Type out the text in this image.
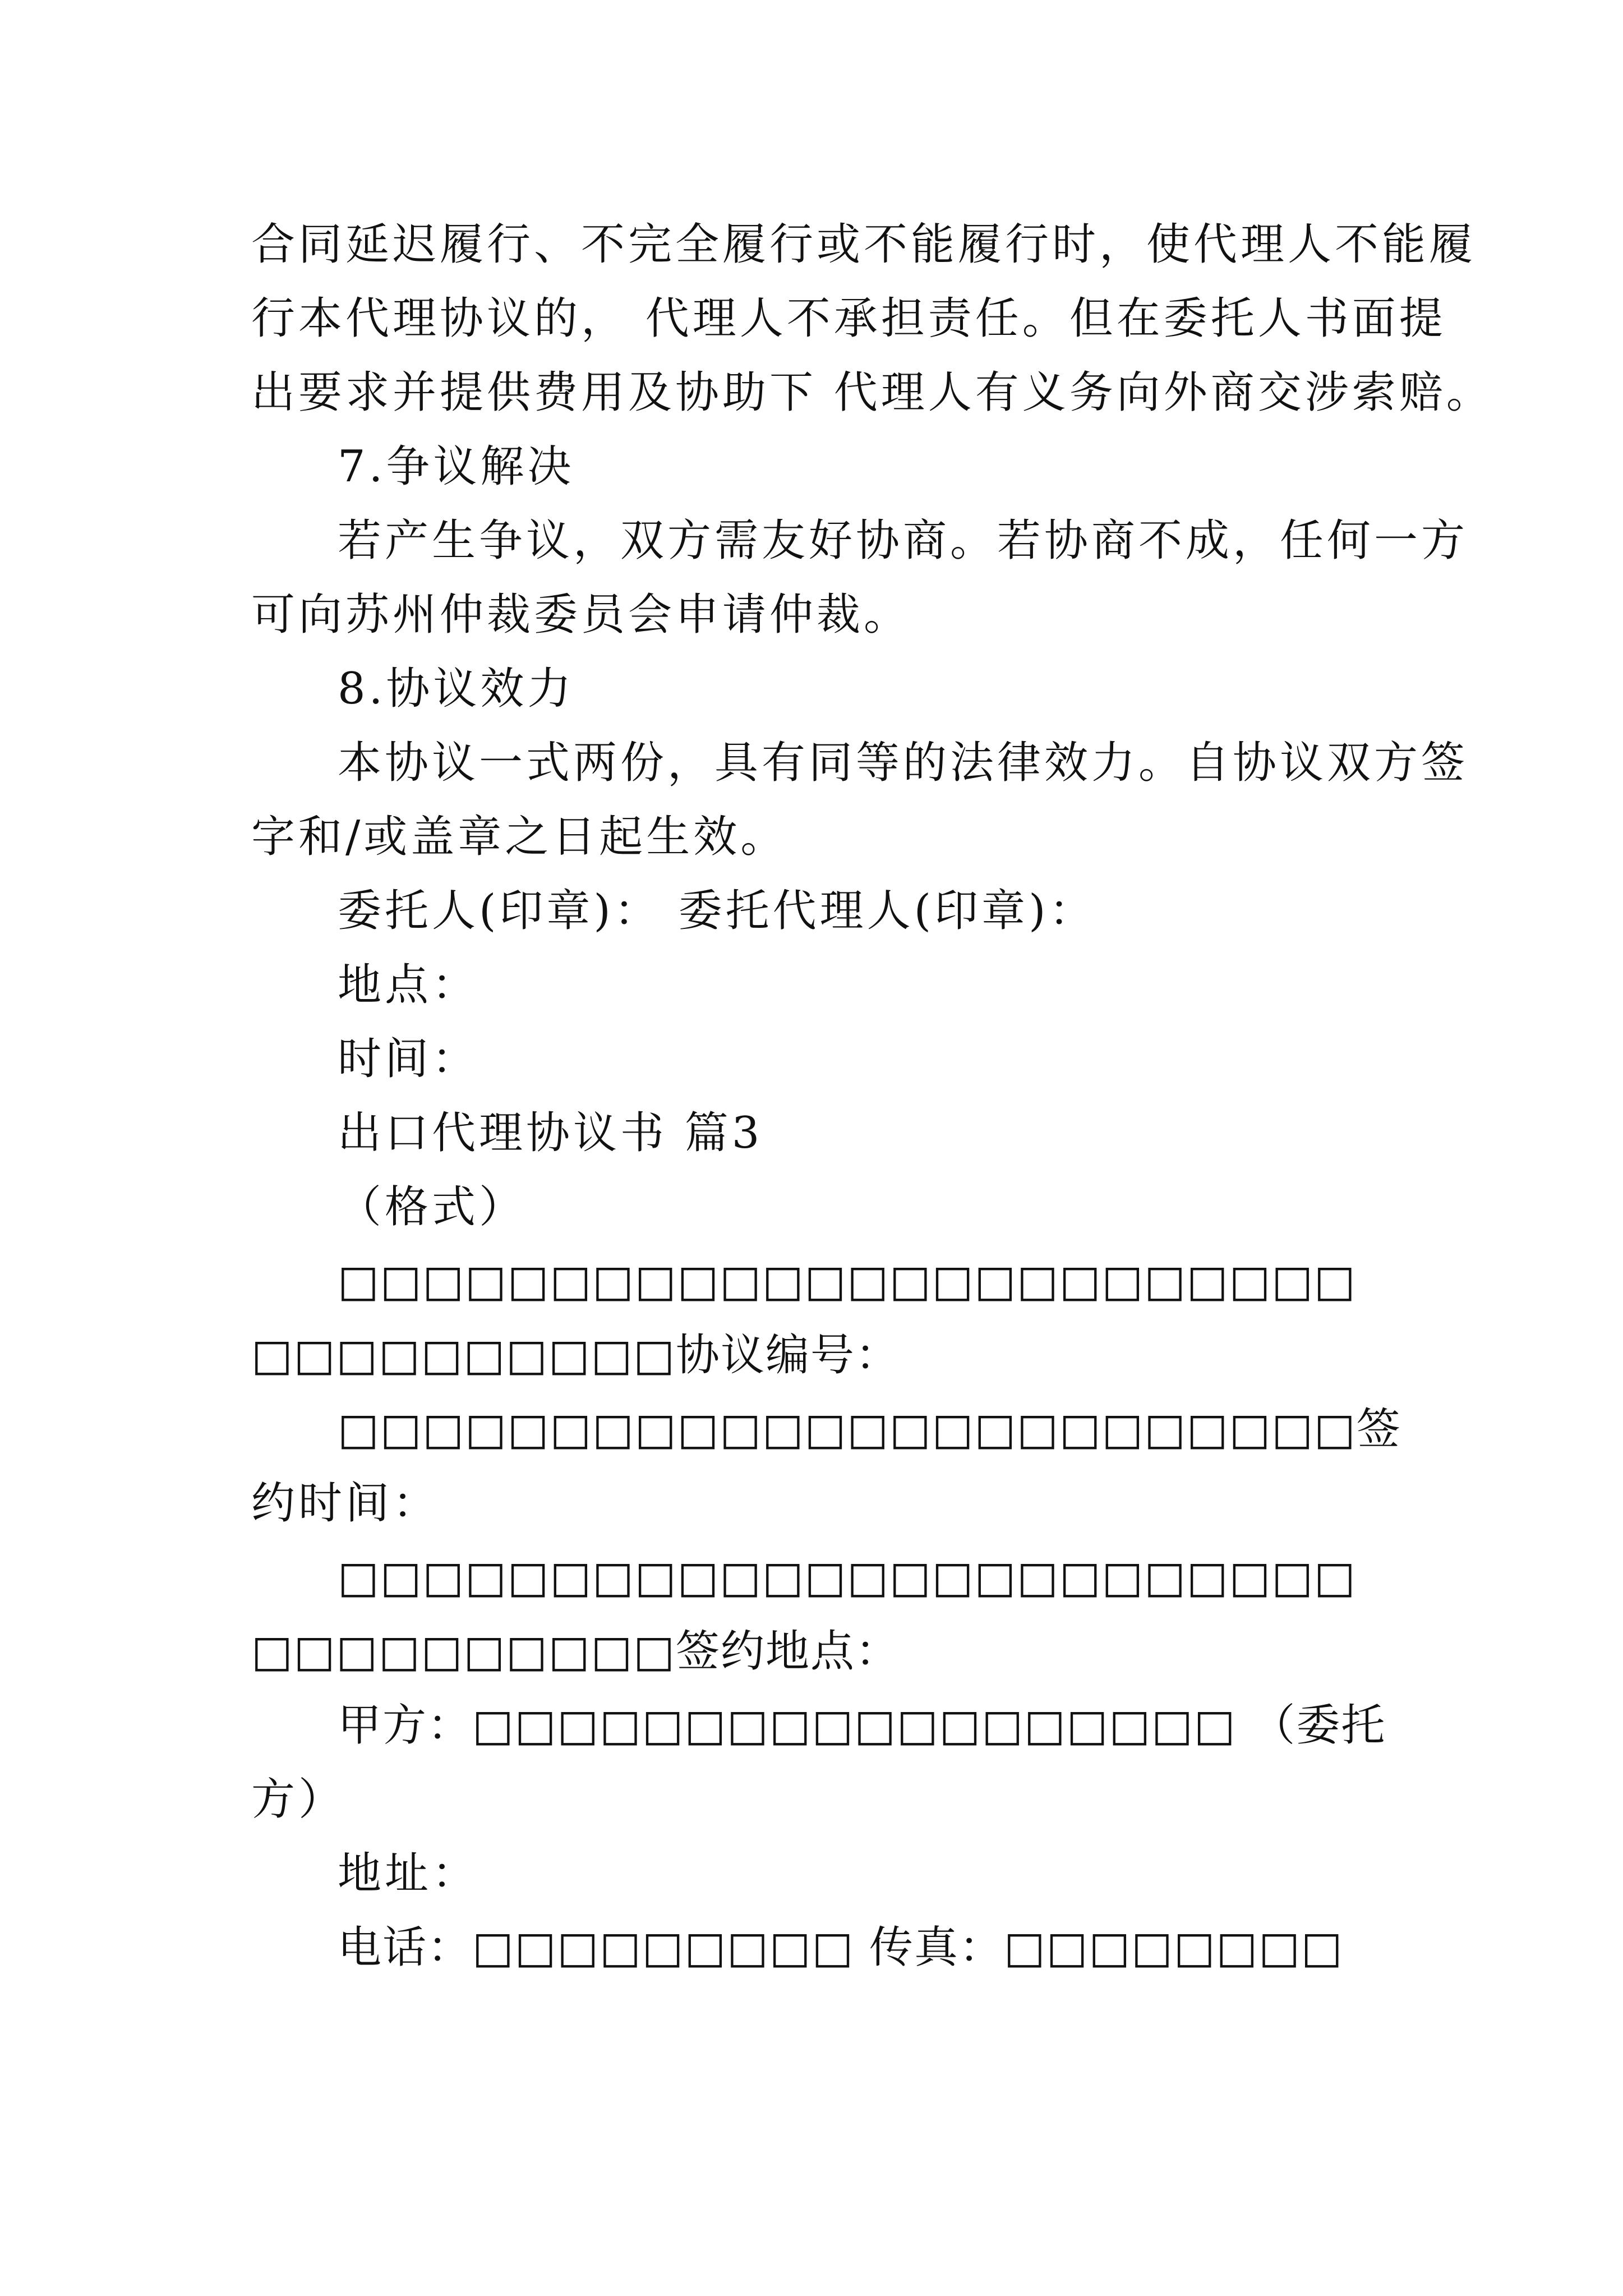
合同延迟履行、不完全履行或不能履行时，使代理人不能履
行本代理协议的， 代理人不承担责任。但在委托人书面提
出要求并提供费用及协助下 代理人有义务向外商交涉索赔。
7.争议解决
若产生争议，双方需友好协商。若协商不成，任何一方
可向苏州仲裁委员会申请仲裁。
8.协议效力
本协议一式两份，具有同等的法律效力。自协议双方签
字和/或盖章之日起生效。
委托人(印章)： 委托代理人(印章)：
地点：
时间：
出口代理协议书 篇3
（格式）
□□□□□□□□□□□□□□□□□□□□□□□□
□□□□□□□□□□协议编号：
□□□□□□□□□□□□□□□□□□□□□□□□签
约时间：
□□□□□□□□□□□□□□□□□□□□□□□□
□□□□□□□□□□签约地点：
甲方：□□□□□□□□□□□□□□□□□□ （委托
方）
地址：
电话：□□□□□□□□□ 传真：□□□□□□□□
